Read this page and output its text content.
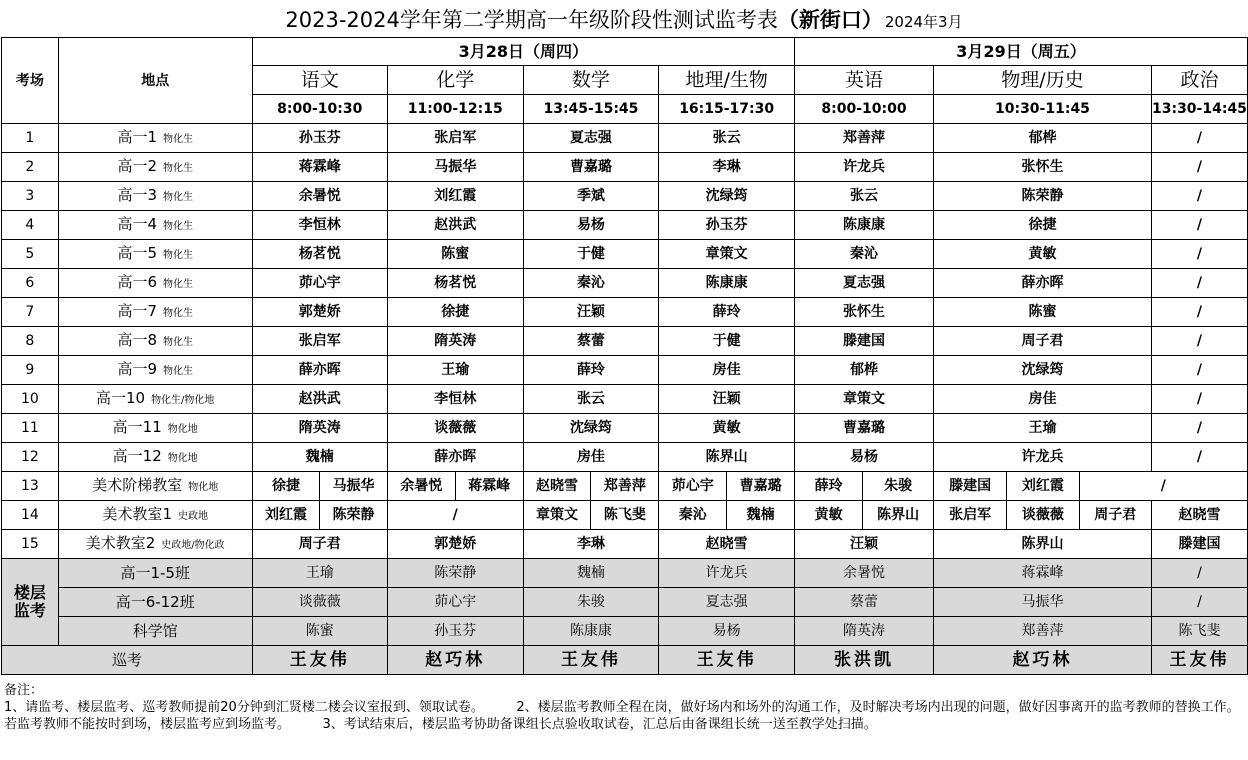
2023-2024学年第二学期高一年级阶段性测试监考表（新街口） 2024年3月
考场	地点	3月28日（周四）								3月29日（周五）					
		语文		化学		数学		地理/生物		英语		物理/历史			政治
		8:00-10:30		11:00-12:15		13:45-15:45		16:15-17:30		8:00-10:00		10:30-11:45			13:30-14:45
1	高一1 物化生	孙玉芬		张启军		夏志强		张云		郑善萍		郁桦			/
2	高一2 物化生	蒋霖峰		马振华		曹嘉璐		李琳		许龙兵		张怀生			/
3	高一3 物化生	余暑悦		刘红霞		季斌		沈绿筠		张云		陈荣静			/
4	高一4 物化生	李恒林		赵洪武		易杨		孙玉芬		陈康康		徐捷			/
5	高一5 物化生	杨茗悦		陈蜜		于健		章策文		秦沁		黄敏			/
6	高一6 物化生	茆心宇		杨茗悦		秦沁		陈康康		夏志强		薛亦晖			/
7	高一7 物化生	郭楚娇		徐捷		汪颖		薛玲		张怀生		陈蜜			/
8	高一8 物化生	张启军		隋英涛		蔡蕾		于健		滕建国		周子君			/
9	高一9 物化生	薛亦晖		王瑜		薛玲		房佳		郁桦		沈绿筠			/
10	高一10 物化生/物化地	赵洪武		李恒林		张云		汪颖		章策文		房佳			/
11	高一11 物化地	隋英涛		谈薇薇		沈绿筠		黄敏		曹嘉璐		王瑜			/
12	高一12 物化地	魏楠		薛亦晖		房佳		陈界山		易杨		许龙兵			/
13	美术阶梯教室 物化地	徐捷	马振华	余暑悦	蒋霖峰	赵晓雪	郑善萍	茆心宇	曹嘉璐	薛玲	朱骏	滕建国	刘红霞	/	
14	美术教室1 史政地	刘红霞	陈荣静	/		章策文	陈飞斐	秦沁	魏楠	黄敏	陈界山	张启军	谈薇薇	周子君	赵晓雪
15	美术教室2 史政地/物化政	周子君		郭楚娇		李琳		赵晓雪		汪颖		陈界山			滕建国

楼层监考	高一1-5班	王瑜		陈荣静		魏楠		许龙兵		余暑悦		蒋霖峰			/
	高一6-12班	谈薇薇		茆心宇		朱骏		夏志强		蔡蕾		马振华			/
	科学馆	陈蜜		孙玉芬		陈康康		易杨		隋英涛		郑善萍			陈飞斐
巡考		王友伟		赵巧林		王友伟		王友伟		张洪凯		赵巧林			王友伟

备注：

1、请监考、楼层监考、巡考教师提前20分钟到汇贤楼二楼会议室报到、领取试卷。　　　2、楼层监考教师全程在岗，做好场内和场外的沟通工作，及时解决考场内出现的问题，做好因事离开的监考教师的替换工作。若监考教师不能按时到场，楼层监考应到场监考。　　　3、考试结束后，楼层监考协助备课组长点验收取试卷，汇总后由备课组长统一送至教学处扫描。
